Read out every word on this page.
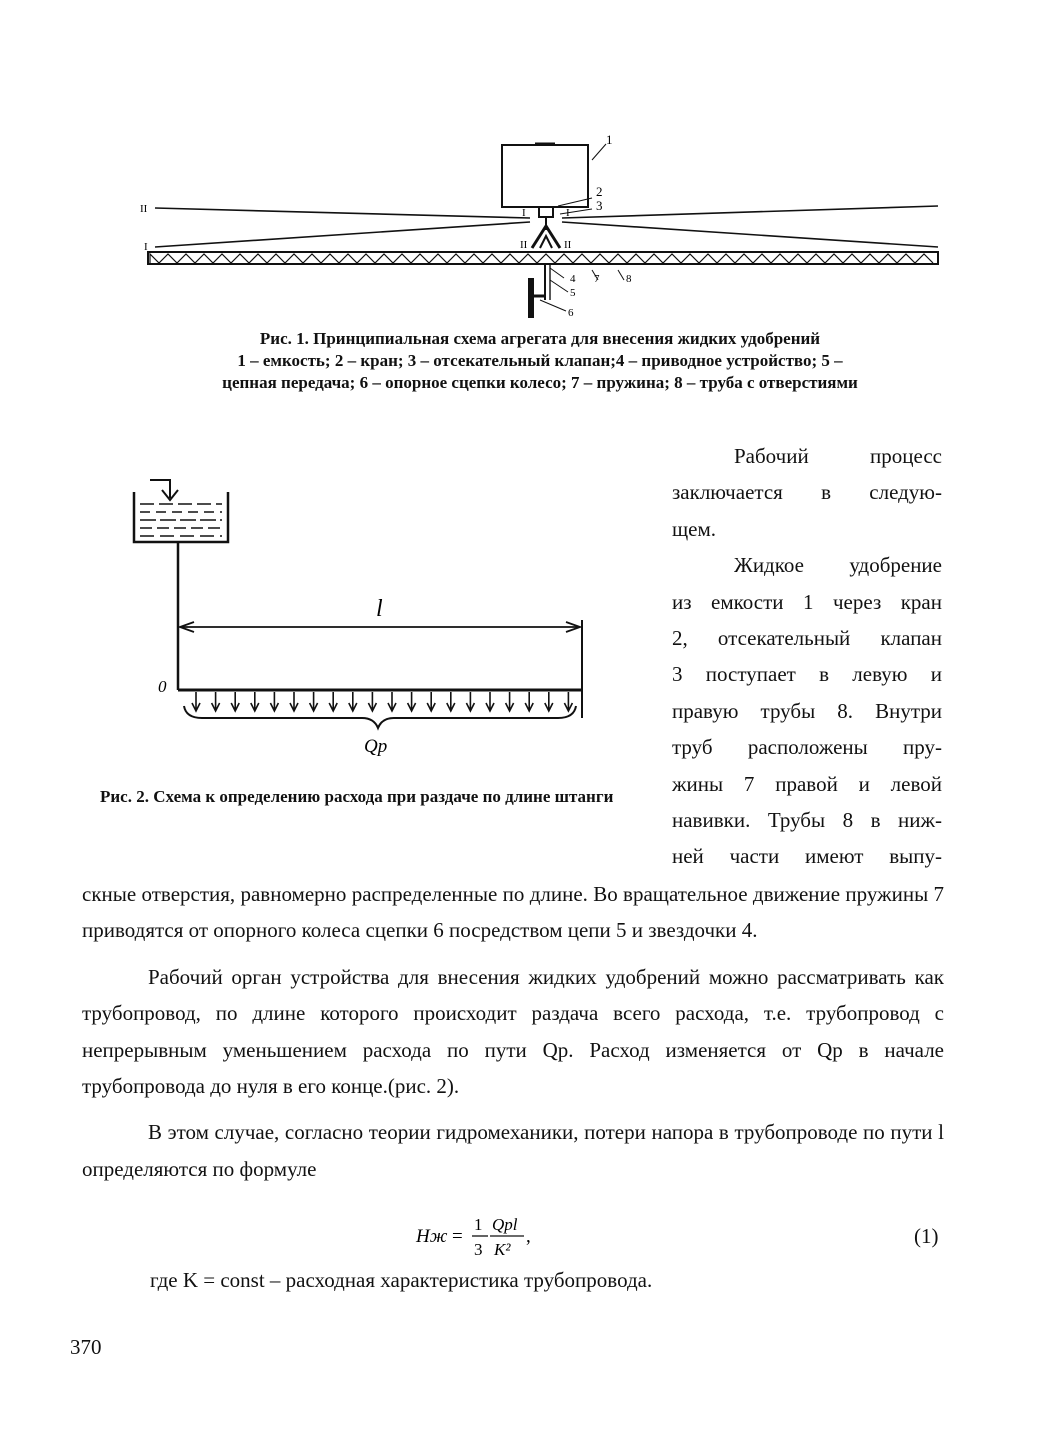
1
2
3
4
5
6
7 8
II
I
I	I
II	II
Рис. 1. Принципиальная схема агрегата для внесения жидких удобрений
1 – емкость; 2 – кран; 3 – отсекательный клапан;4 – приводное устройство; 5 –
цепная передача; 6 – опорное сцепки колесо; 7 – пружина; 8 – труба с отверстиями
l
0
Qp
Рис. 2. Схема к определению расхода при раздаче по длине штанги

Рабочий процесс

заключается в следую-

щем.

Жидкое удобрение

из емкости 1 через кран

2, отсекательный клапан

3 поступает в левую и

правую трубы 8. Внутри

труб расположены пру-

жины 7 правой и левой

навивки. Трубы 8 в ниж-

ней части имеют выпу-

скные отверстия, равномерно распределенные по длине. Во вращательное движение пружины 7 приводятся от опорного колеса сцепки 6 посредством цепи 5 и звездочки 4.

Рабочий орган устройства для внесения жидких удобрений можно рассматривать как трубопровод, по длине которого происходит раздача всего расхода, т.е. трубопровод с непрерывным уменьшением расхода по пути Qр. Расход изменяется от Qр в начале трубопровода до нуля в его конце.(рис. 2).

В этом случае, согласно теории гидромеханики, потери напора в трубопроводе по пути l определяются по формуле

Hж =
1
3
Qрl
K²
,	(1)
где K = const – расходная характеристика трубопровода.
370
